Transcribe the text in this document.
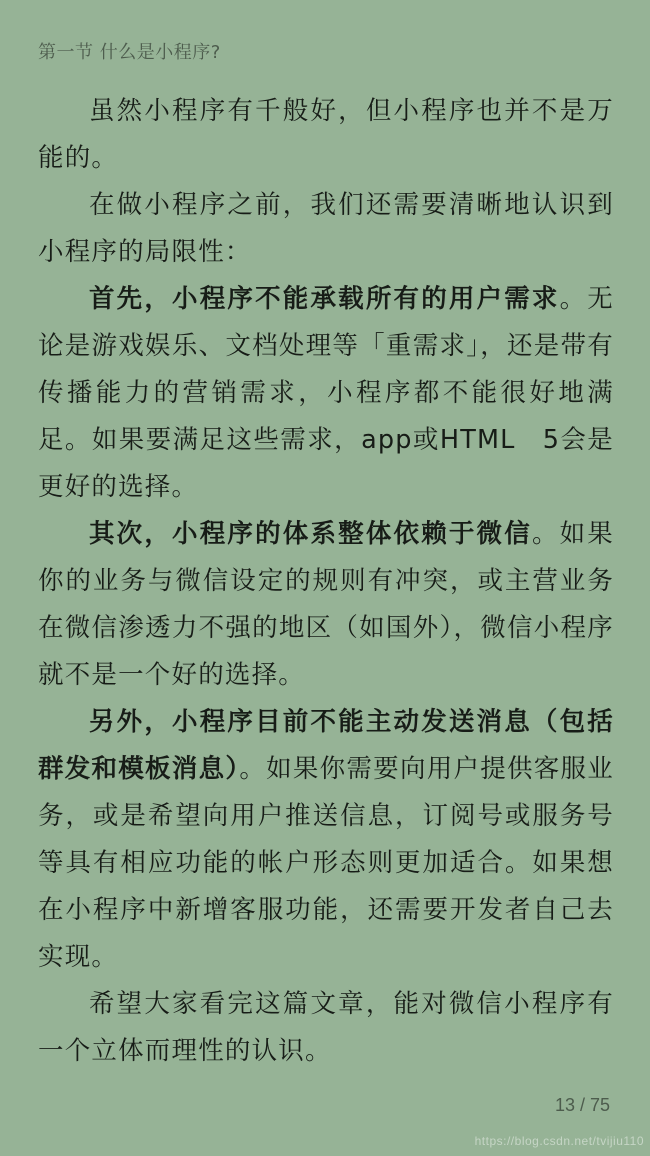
第一节 什么是小程序?

虽然小程序有千般好，但小程序也并不是万能的。

在做小程序之前，我们还需要清晰地认识到小程序的局限性：

首先，小程序不能承载所有的用户需求。无论是游戏娱乐、文档处理等「重需求」，还是带有传播能力的营销需求，小程序都不能很好地满足。如果要满足这些需求，app或HTML　5会是更好的选择。

其次，小程序的体系整体依赖于微信。如果你的业务与微信设定的规则有冲突，或主营业务在微信渗透力不强的地区（如国外），微信小程序就不是一个好的选择。

另外，小程序目前不能主动发送消息（包括群发和模板消息）。如果你需要向用户提供客服业务，或是希望向用户推送信息，订阅号或服务号等具有相应功能的帐户形态则更加适合。如果想在小程序中新增客服功能，还需要开发者自己去实现。

希望大家看完这篇文章，能对微信小程序有一个立体而理性的认识。

13 / 75
https://blog.csdn.net/tvijiu110
